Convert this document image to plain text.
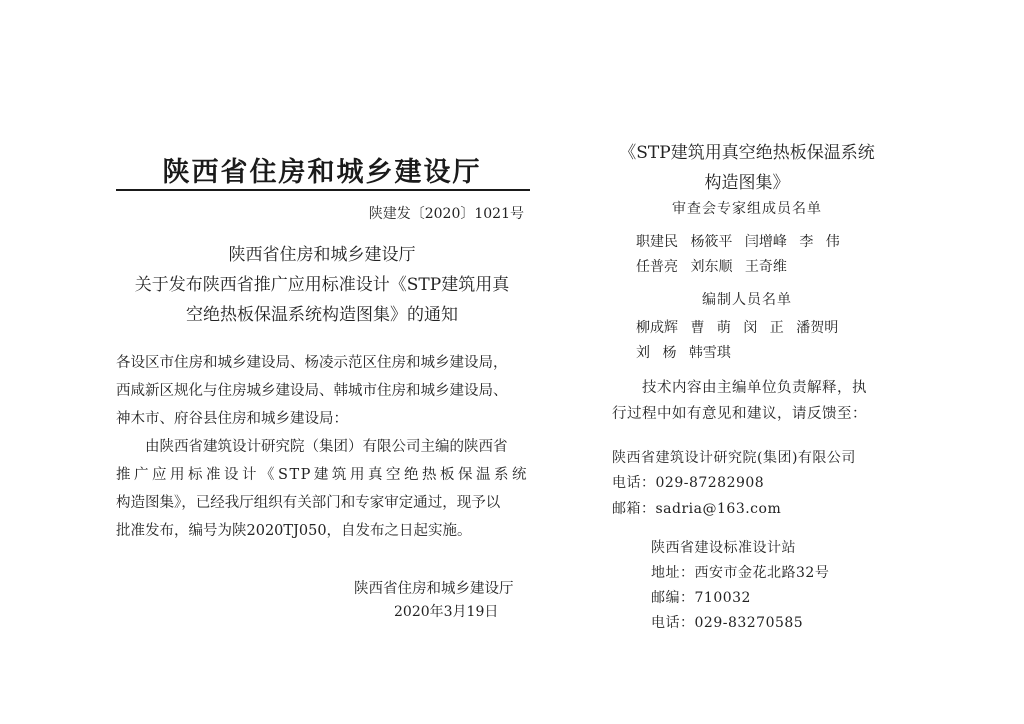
陕西省住房和城乡建设厅
陕建发〔2020〕1021号
陕西省住房和城乡建设厅
关于发布陕西省推广应用标准设计《STP建筑用真
空绝热板保温系统构造图集》的通知
各设区市住房和城乡建设局、杨凌示范区住房和城乡建设局，
西咸新区规化与住房城乡建设局、韩城市住房和城乡建设局、
神木市、府谷县住房和城乡建设局：
由陕西省建筑设计研究院（集团）有限公司主编的陕西省
推广应用标准设计《STP建筑用真空绝热板保温系统
构造图集》，已经我厅组织有关部门和专家审定通过，现予以
批准发布，编号为陕2020TJ050，自发布之日起实施。
陕西省住房和城乡建设厅
2020年3月19日
《STP建筑用真空绝热板保温系统
构造图集》
审查会专家组成员名单
职建民 杨筱平 闫增峰 李 伟
任普亮 刘东顺 王奇维
编制人员名单
柳成辉 曹 萌 闵 正 潘贺明
刘 杨 韩雪琪
技术内容由主编单位负责解释，执
行过程中如有意见和建议，请反馈至：
陕西省建筑设计研究院(集团)有限公司
电话：029-87282908
邮箱：sadria@163.com
陕西省建设标准设计站
地址：西安市金花北路32号
邮编：710032
电话：029-83270585
